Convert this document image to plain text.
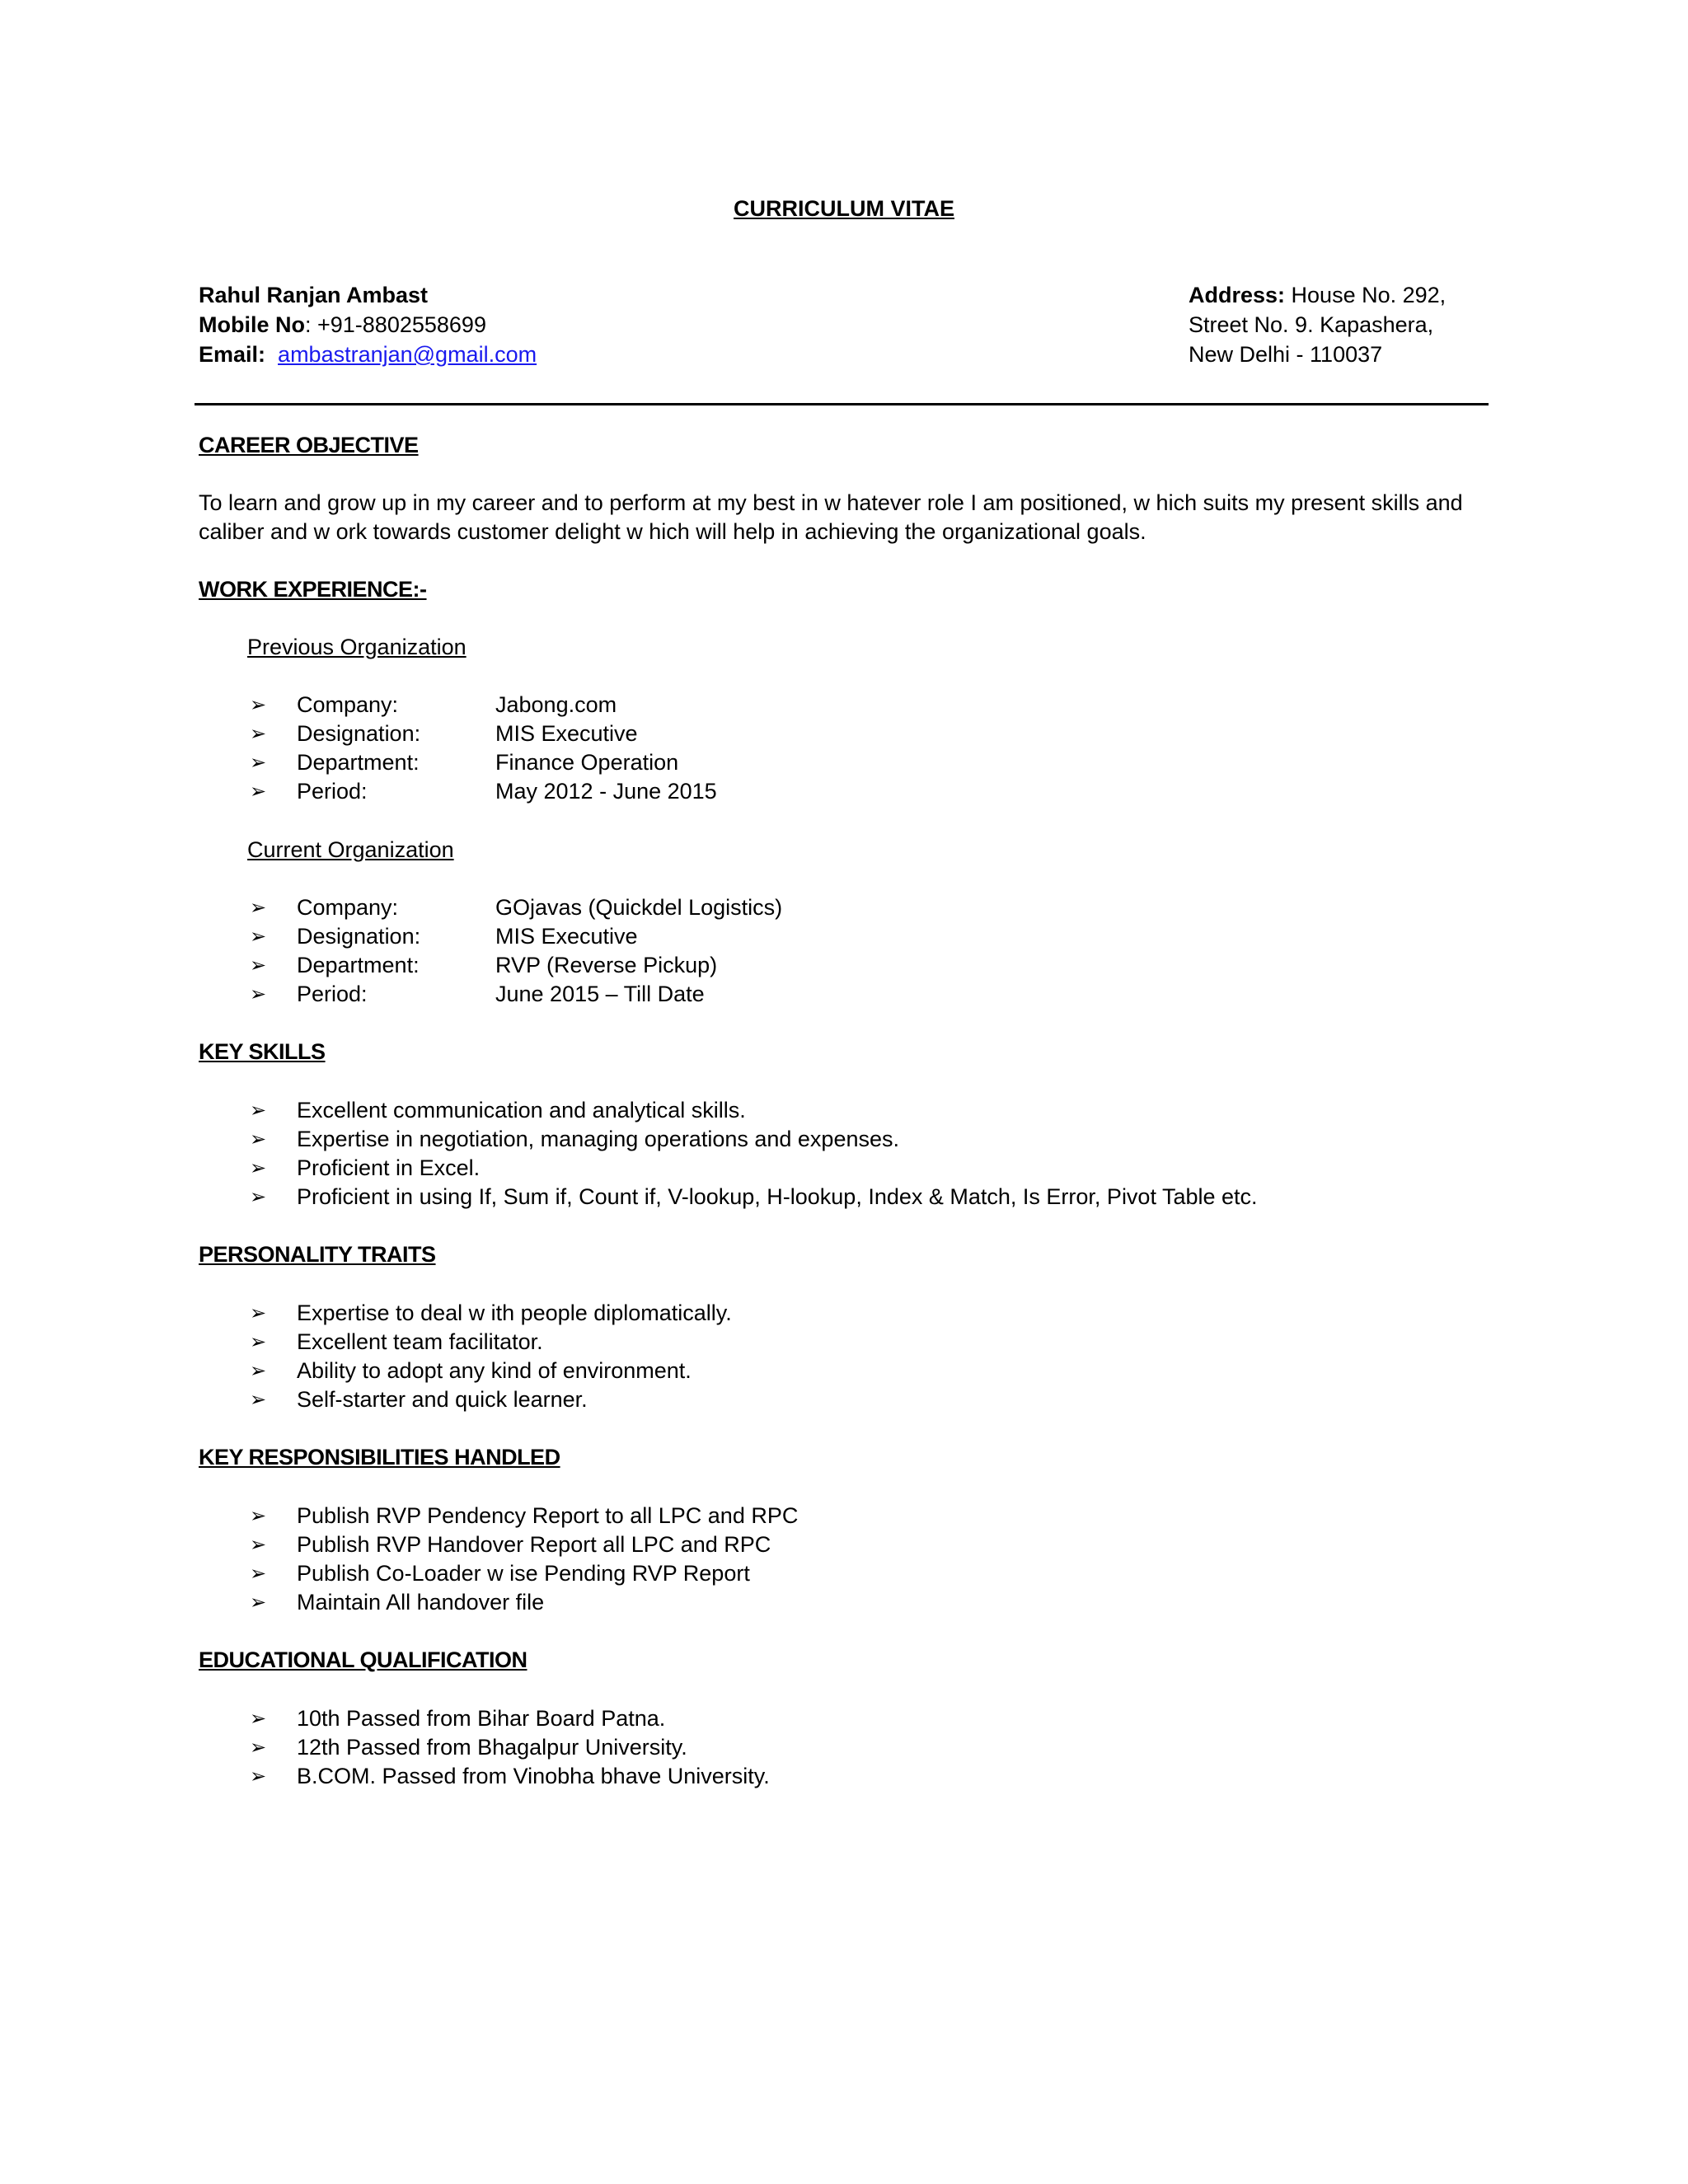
CURRICULUM VITAE
Rahul Ranjan Ambast
Mobile No: +91-8802558699
Email: ambastranjan@gmail.com
Address: House No. 292,
Street No. 9. Kapashera,
New Delhi - 110037
CAREER OBJECTIVE
To learn and grow up in my career and to perform at my best in w hatever role I am positioned, w hich suits my present skills and caliber and w ork towards customer delight w hich will help in achieving the organizational goals.
WORK EXPERIENCE:-
Previous Organization
➢ Company:	Jabong.com
➢ Designation:	MIS Executive
➢ Department:	Finance Operation
➢ Period:	May 2012 - June 2015
Current Organization
➢ Company:	GOjavas (Quickdel Logistics)
➢ Designation:	MIS Executive
➢ Department:	RVP (Reverse Pickup)
➢ Period:	June 2015 – Till Date
KEY SKILLS
➢ Excellent communication and analytical skills.
➢ Expertise in negotiation, managing operations and expenses.
➢ Proficient in Excel.
➢ Proficient in using If, Sum if, Count if, V-lookup, H-lookup, Index & Match, Is Error, Pivot Table etc.
PERSONALITY TRAITS
➢ Expertise to deal w ith people diplomatically.
➢ Excellent team facilitator.
➢ Ability to adopt any kind of environment.
➢ Self-starter and quick learner.
KEY RESPONSIBILITIES HANDLED
➢ Publish RVP Pendency Report to all LPC and RPC
➢ Publish RVP Handover Report all LPC and RPC
➢ Publish Co-Loader w ise Pending RVP Report
➢ Maintain All handover file
EDUCATIONAL QUALIFICATION
➢ 10th Passed from Bihar Board Patna.
➢ 12th Passed from Bhagalpur University.
➢ B.COM. Passed from Vinobha bhave University.
